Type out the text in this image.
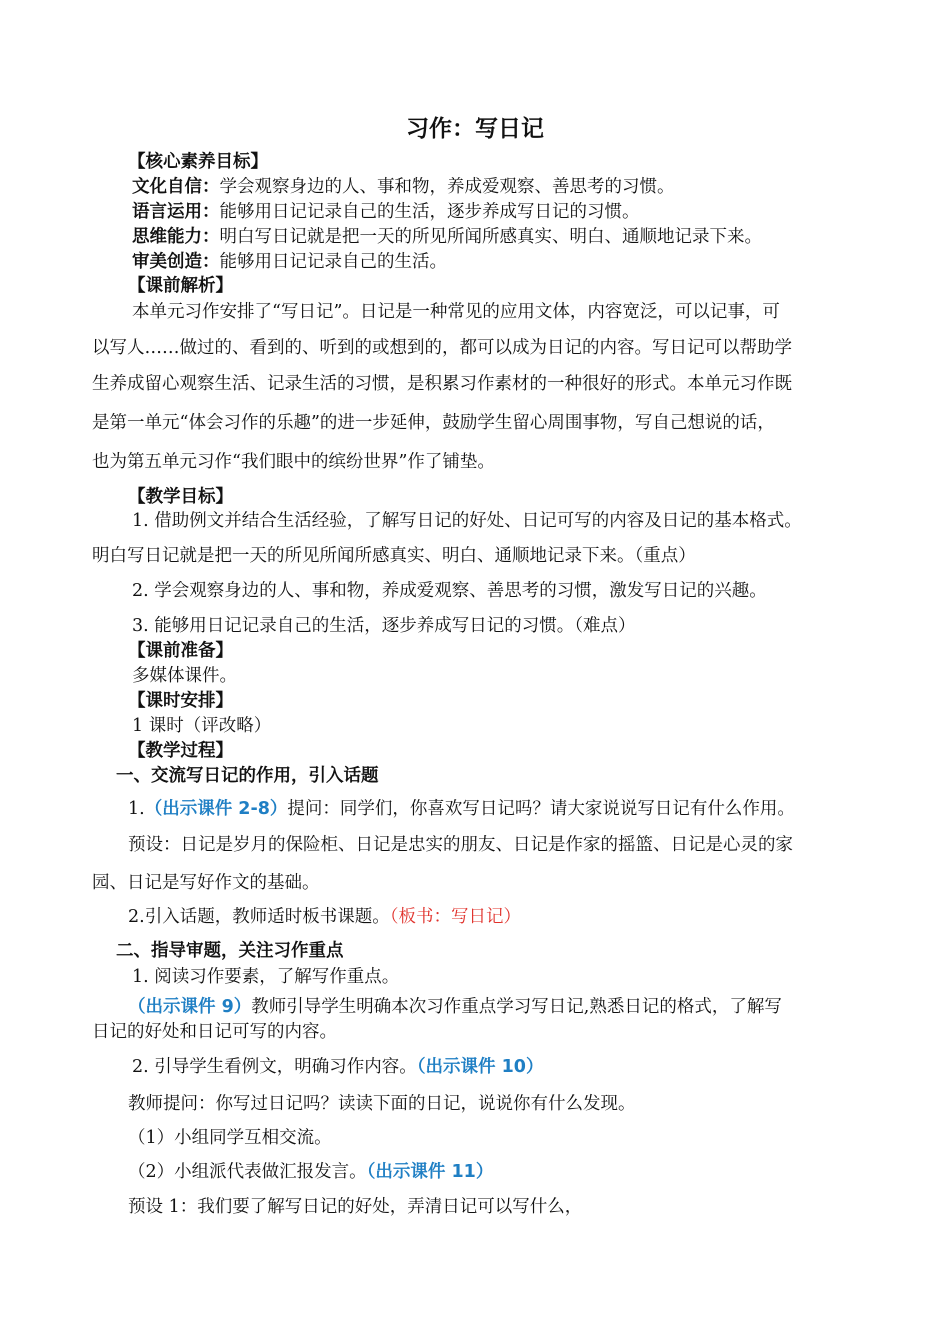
习作：写日记
【核心素养目标】
文化自信：学会观察身边的人、事和物，养成爱观察、善思考的习惯。
语言运用：能够用日记记录自己的生活，逐步养成写日记的习惯。
思维能力：明白写日记就是把一天的所见所闻所感真实、明白、通顺地记录下来。
审美创造：能够用日记记录自己的生活。
【课前解析】
本单元习作安排了“写日记”。日记是一种常见的应用文体，内容宽泛，可以记事，可
以写人……做过的、看到的、听到的或想到的，都可以成为日记的内容。写日记可以帮助学
生养成留心观察生活、记录生活的习惯，是积累习作素材的一种很好的形式。本单元习作既
是第一单元“体会习作的乐趣”的进一步延伸，鼓励学生留心周围事物，写自己想说的话，
也为第五单元习作“我们眼中的缤纷世界”作了铺垫。
【教学目标】
1. 借助例文并结合生活经验，了解写日记的好处、日记可写的内容及日记的基本格式。
明白写日记就是把一天的所见所闻所感真实、明白、通顺地记录下来。（重点）
2. 学会观察身边的人、事和物，养成爱观察、善思考的习惯，激发写日记的兴趣。
3. 能够用日记记录自己的生活，逐步养成写日记的习惯。（难点）
【课前准备】
多媒体课件。
【课时安排】
1 课时（评改略）
【教学过程】
一、交流写日记的作用，引入话题
1.（出示课件 2-8）提问：同学们，你喜欢写日记吗？请大家说说写日记有什么作用。
预设：日记是岁月的保险柜、日记是忠实的朋友、日记是作家的摇篮、日记是心灵的家
园、日记是写好作文的基础。
2.引入话题，教师适时板书课题。（板书：写日记）
二、指导审题，关注习作重点
1. 阅读习作要素，了解写作重点。
（出示课件 9）教师引导学生明确本次习作重点学习写日记,熟悉日记的格式，了解写
日记的好处和日记可写的内容。
2. 引导学生看例文，明确习作内容。（出示课件 10）
教师提问：你写过日记吗？读读下面的日记，说说你有什么发现。
（1）小组同学互相交流。
（2）小组派代表做汇报发言。（出示课件 11）
预设 1：我们要了解写日记的好处，弄清日记可以写什么，
